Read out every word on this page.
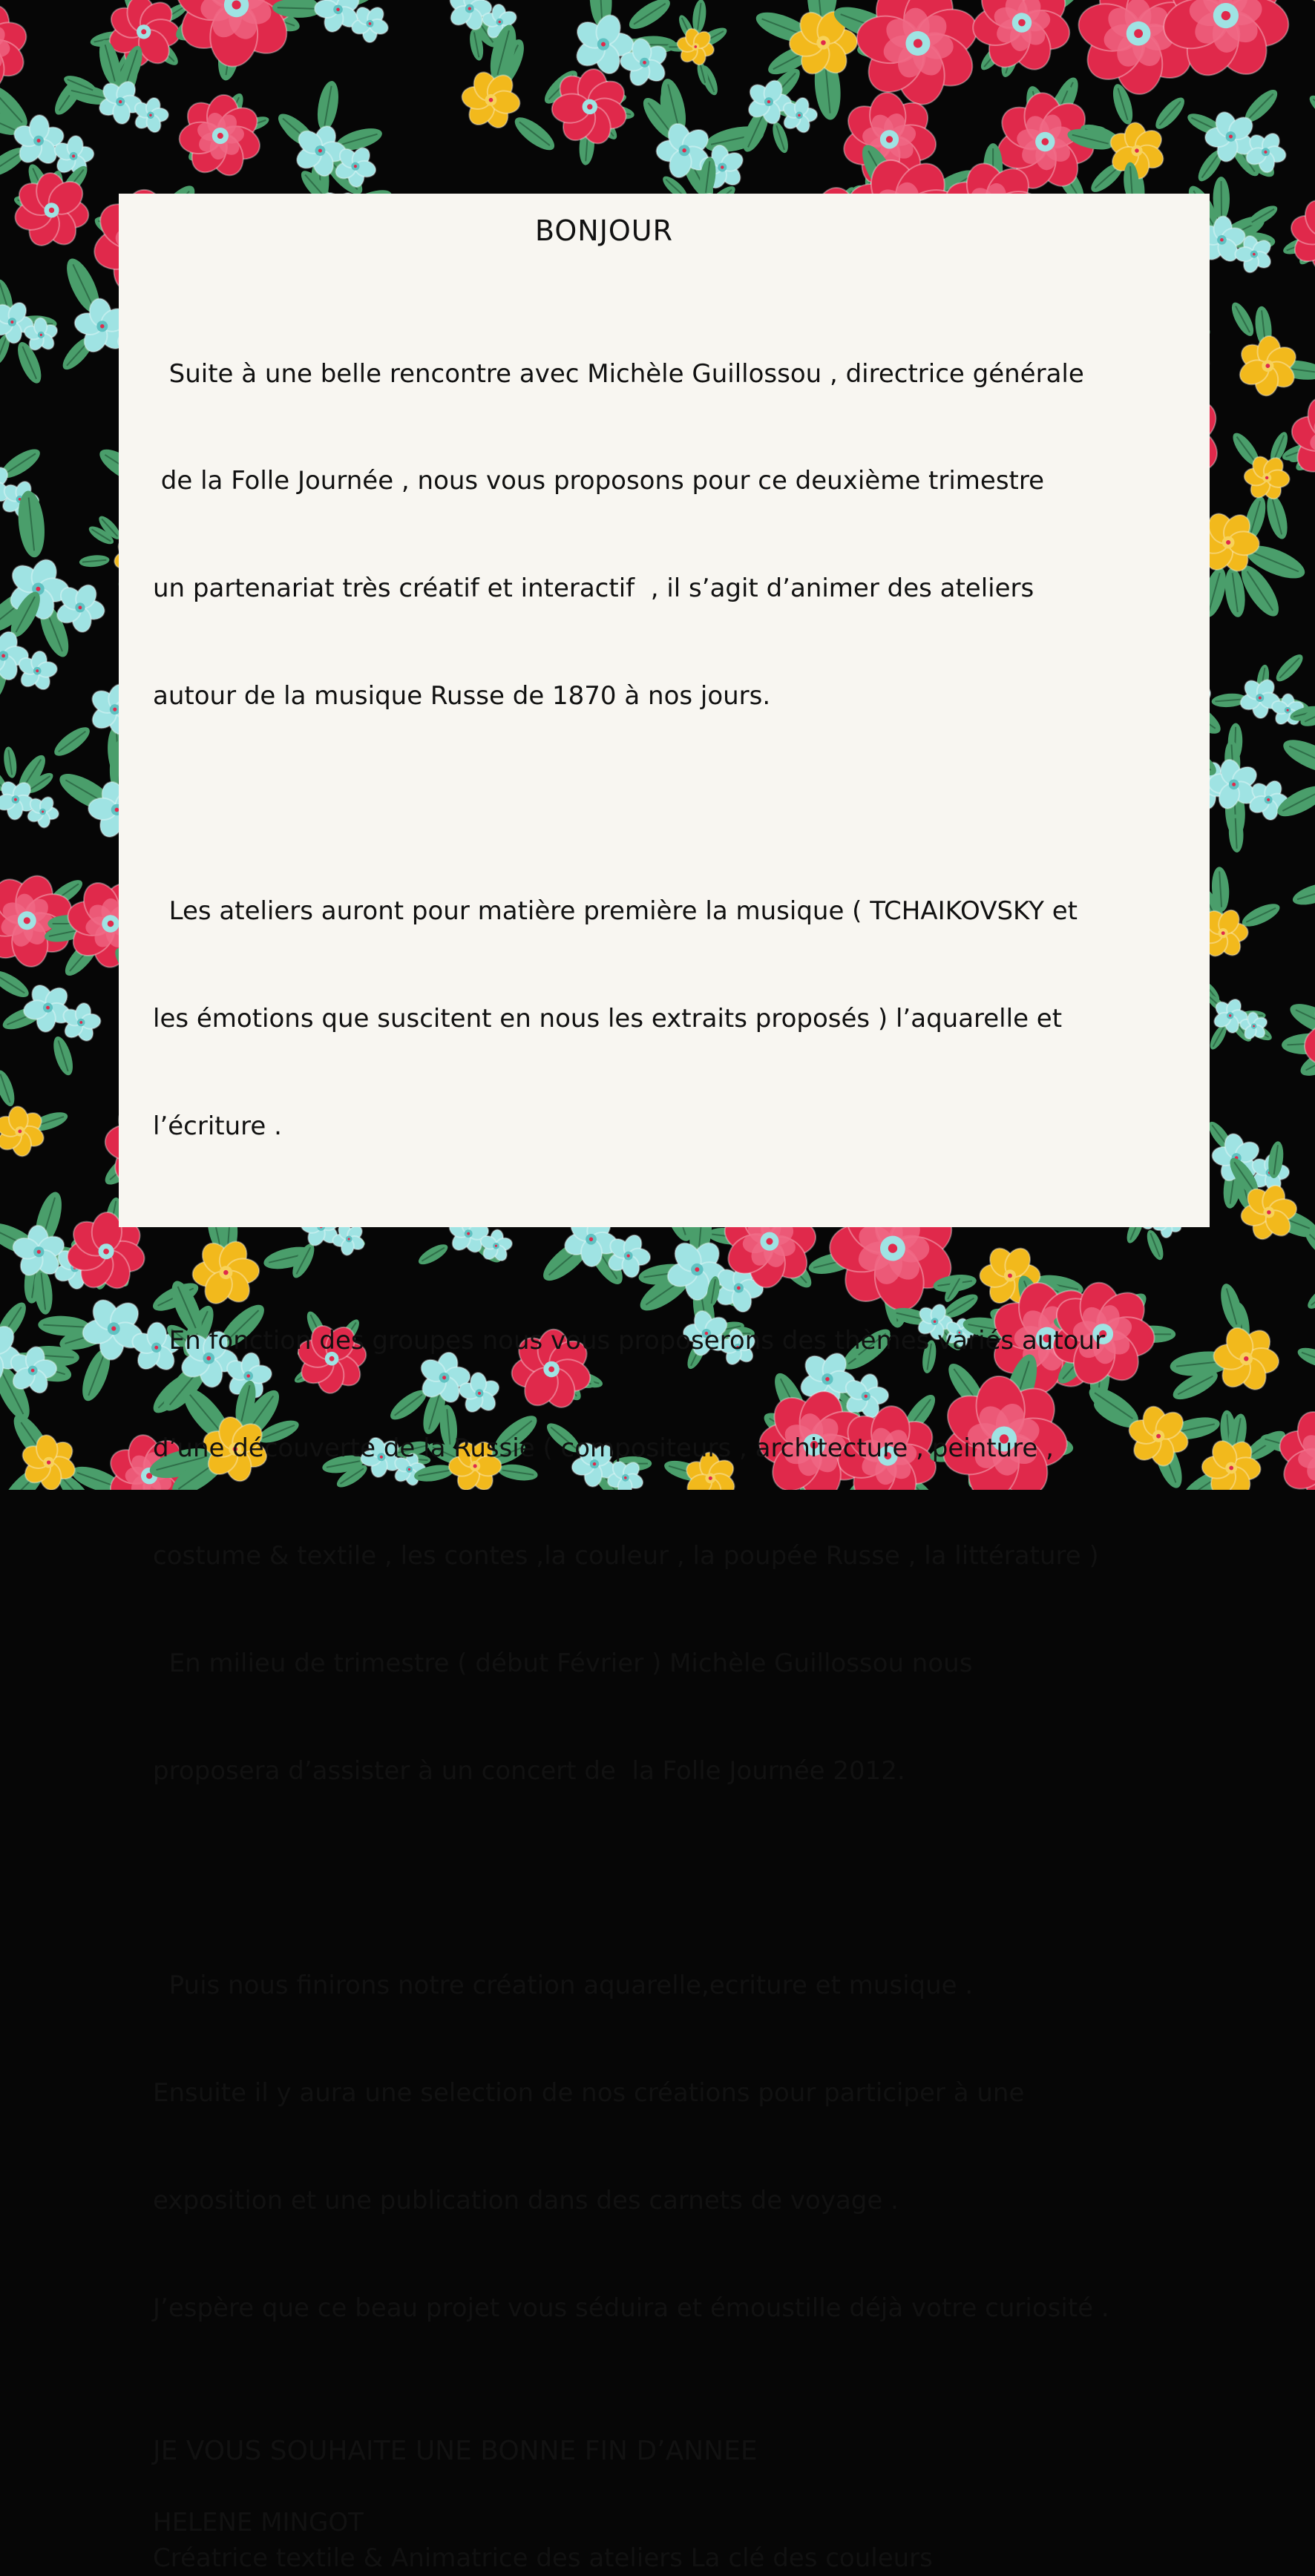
BONJOUR

Suite à une belle rencontre avec Michèle Guillossou , directrice générale

de la Folle Journée , nous vous proposons pour ce deuxième trimestre

un partenariat très créatif et interactif  , il s’agit d’animer des ateliers

autour de la musique Russe de 1870 à nos jours.

Les ateliers auront pour matière première la musique ( TCHAIKOVSKY et

les émotions que suscitent en nous les extraits proposés ) l’aquarelle et

l’écriture .

En fonction des groupes nous vous proposerons des thèmes variés autour

d’une découverte de la Russie ( compositeurs , architecture , peinture ,

costume & textile , les contes ,la couleur , la poupée Russe , la littérature )

En milieu de trimestre ( début Février ) Michèle Guillossou nous

proposera d’assister à un concert de  la Folle Journée 2012.

Puis nous finirons notre création aquarelle,ecriture et musique .

Ensuite il y aura une selection de nos créations pour participer à une

exposition et une publication dans des carnets de voyage .

J’espère que ce beau projet vous séduira et émoustille déjà votre curiosité .

JE VOUS SOUHAITE UNE BONNE FIN D’ANNEE

HELENE MINGOT

Créatrice textile & Animatrice des ateliers La clé des couleurs
